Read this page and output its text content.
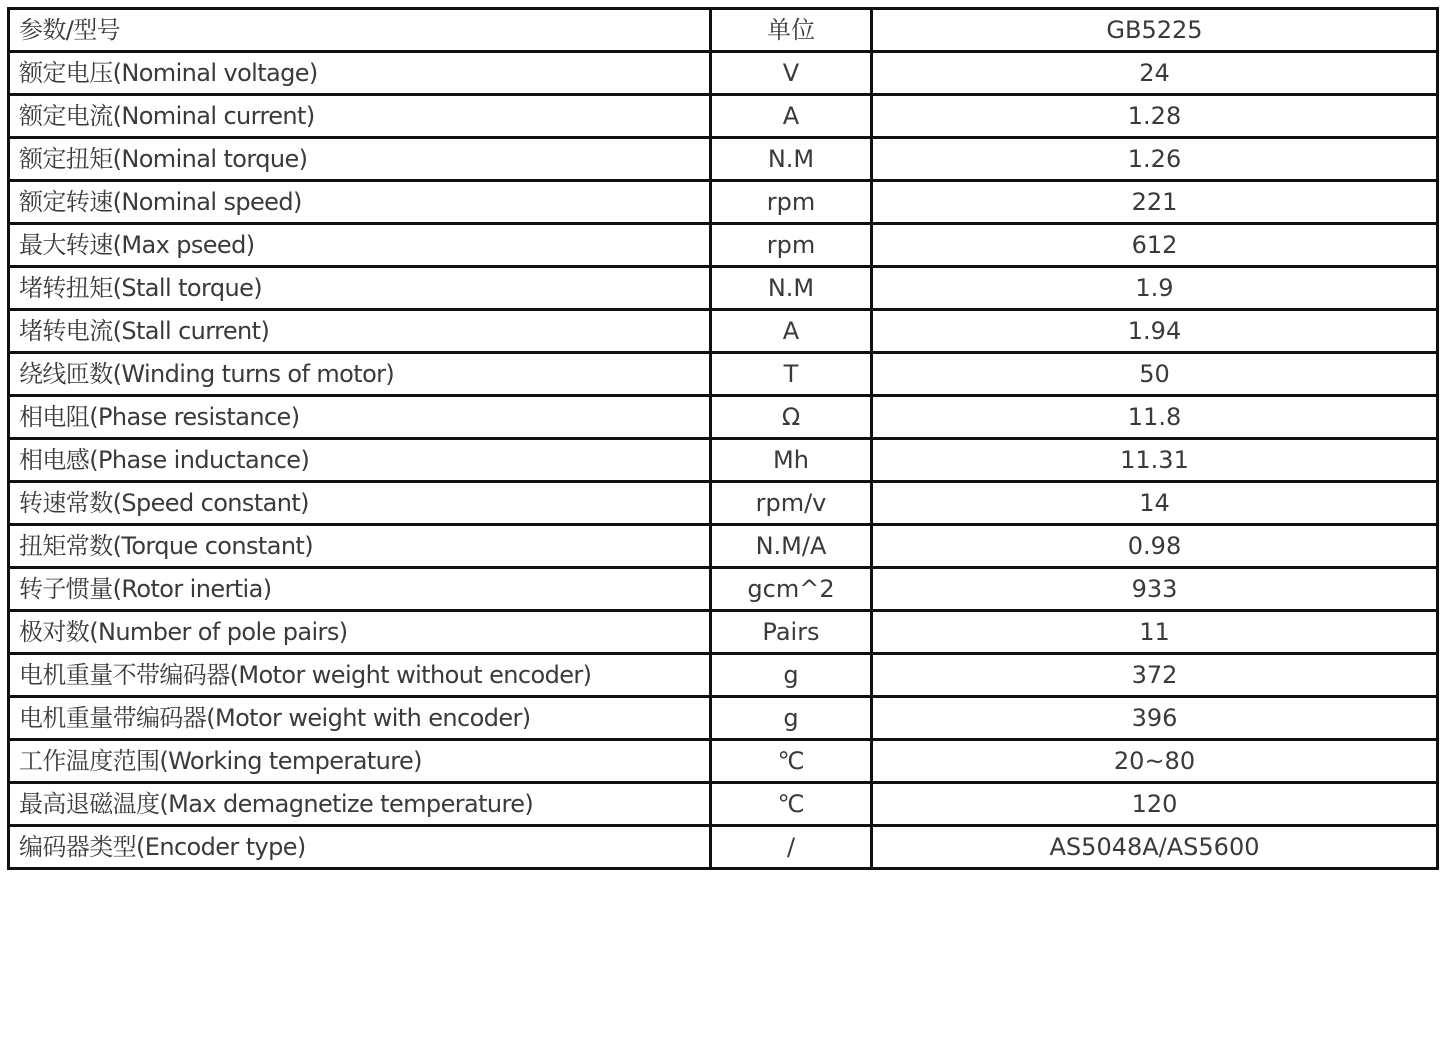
参数/型号	单位	GB5225
额定电压(Nominal voltage)	V	24
额定电流(Nominal current)	A	1.28
额定扭矩(Nominal torque)	N.M	1.26
额定转速(Nominal speed)	rpm	221
最大转速(Max pseed)	rpm	612
堵转扭矩(Stall torque)	N.M	1.9
堵转电流(Stall current)	A	1.94
绕线匝数(Winding turns of motor)	T	50
相电阻(Phase resistance)	Ω	11.8
相电感(Phase inductance)	Mh	11.31
转速常数(Speed constant)	rpm/v	14
扭矩常数(Torque constant)	N.M/A	0.98
转子惯量(Rotor inertia)	gcm^2	933
极对数(Number of pole pairs)	Pairs	11
电机重量不带编码器(Motor weight without encoder)	g	372
电机重量带编码器(Motor weight with encoder)	g	396
工作温度范围(Working temperature)	℃	20~80
最高退磁温度(Max demagnetize temperature)	℃	120
编码器类型(Encoder type)	/	AS5048A/AS5600
